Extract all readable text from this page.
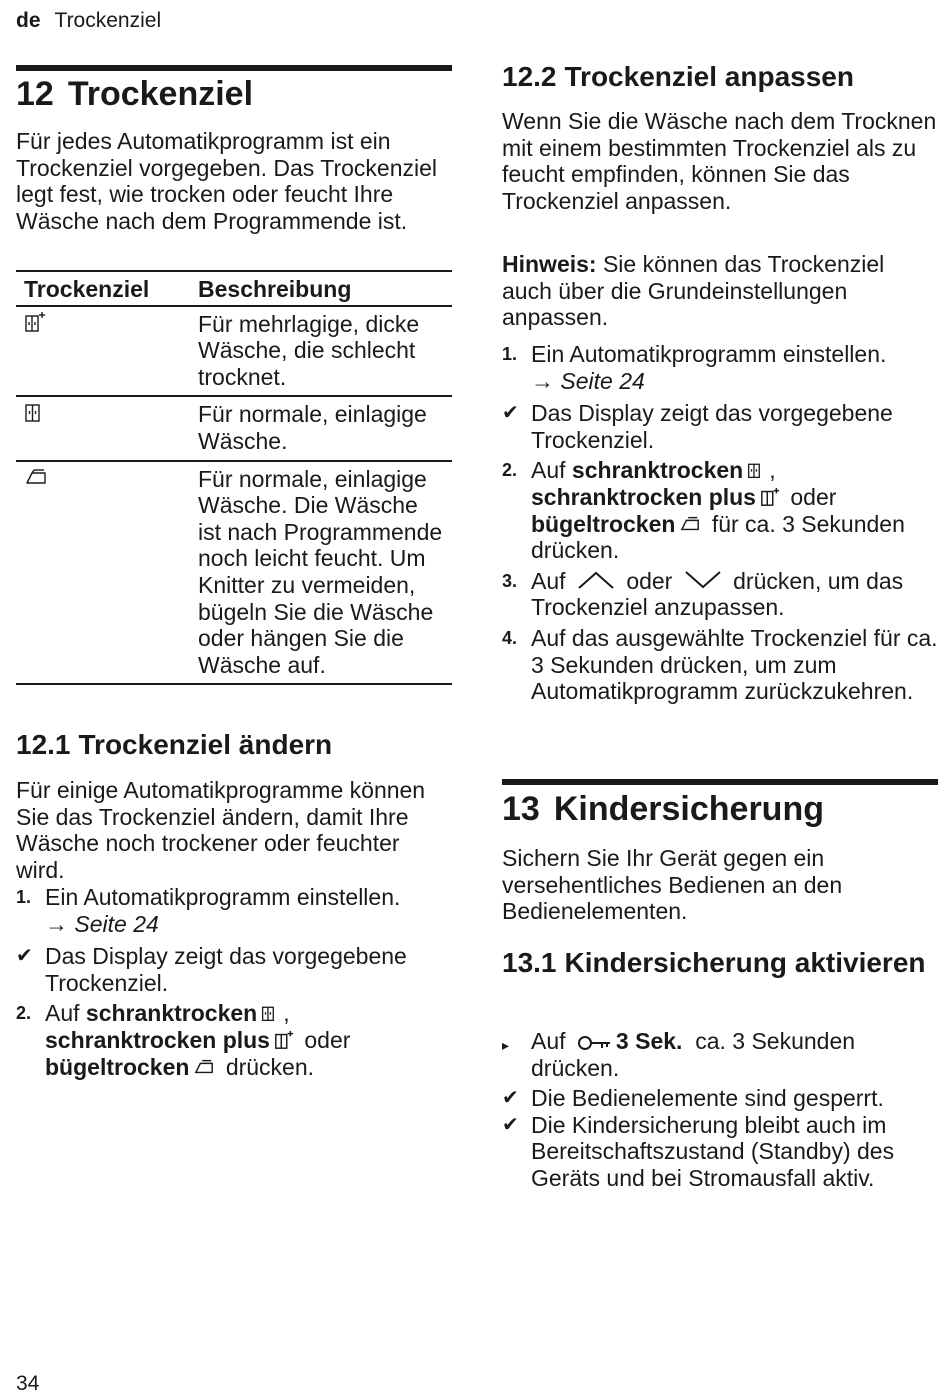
de Trockenziel
12 Trockenziel

Für jedes Automatikprogramm ist ein Trockenziel vorgegeben. Das Trockenziel legt fest, wie trocken oder feucht Ihre Wäsche nach dem Programmende ist.

Trockenziel	Beschreibung
	Für mehrlagige, dicke Wäsche, die schlecht trocknet.
	Für normale, einlagige Wäsche.
	Für normale, einlagige Wäsche. Die Wäsche ist nach Programmende noch leicht feucht. Um Knitter zu vermeiden, bügeln Sie die Wäsche oder hängen Sie die Wäsche auf.
12.1 Trockenziel ändern

Für einige Automatikprogramme können Sie das Trockenziel ändern, damit Ihre Wäsche noch trockener oder feuchter wird.

1. Ein Automatikprogramm einstellen.
→ Seite 24
✔ Das Display zeigt das vorgegebene Trockenziel.
2. Auf schranktrocken , schranktrocken plus oder bügeltrocken drücken.
12.2 Trockenziel anpassen

Wenn Sie die Wäsche nach dem Trocknen mit einem bestimmten Trockenziel als zu feucht empfinden, können Sie das Trockenziel anpassen.

Hinweis: Sie können das Trockenziel auch über die Grundeinstellungen anpassen.

1. Ein Automatikprogramm einstellen.
→ Seite 24
✔ Das Display zeigt das vorgegebene Trockenziel.
2. Auf schranktrocken , schranktrocken plus oder bügeltrocken für ca. 3 Sekunden drücken.
3. Auf	oder	drücken, um das Trockenziel anzupassen.
4. Auf das ausgewählte Trockenziel für ca. 3 Sekunden drücken, um zum Automatikprogramm zurückzukehren.
13 Kindersicherung

Sichern Sie Ihr Gerät gegen ein versehentliches Bedienen an den Bedienelementen.

13.1 Kindersicherung aktivieren
▸ Auf 3 Sek. ca. 3 Sekunden drücken.
✔ Die Bedienelemente sind gesperrt.
✔ Die Kindersicherung bleibt auch im Bereitschaftszustand (Standby) des Geräts und bei Stromausfall aktiv.
34
